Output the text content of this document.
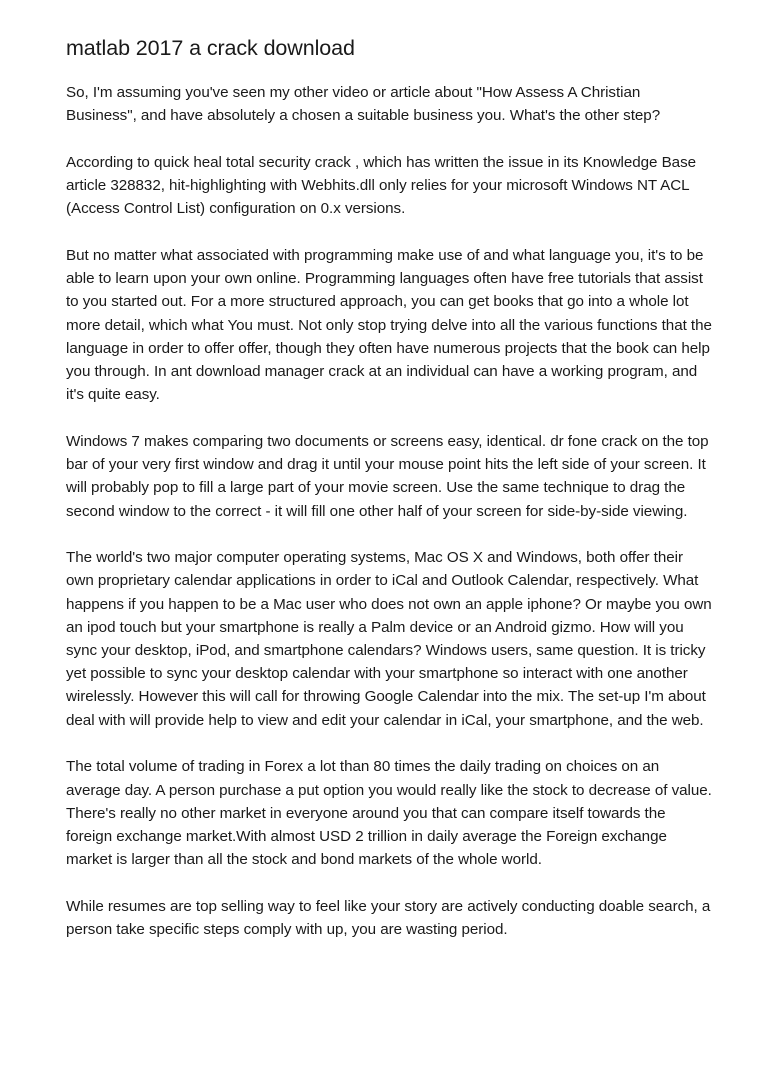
matlab 2017 a crack download

So, I'm assuming you've seen my other video or article about "How Assess A Christian Business", and have absolutely a chosen a suitable business you. What's the other step?

According to quick heal total security crack , which has written the issue in its Knowledge Base article 328832, hit-highlighting with Webhits.dll only relies for your microsoft Windows NT ACL (Access Control List) configuration on 0.x versions.

But no matter what associated with programming make use of and what language you, it's to be able to learn upon your own online. Programming languages often have free tutorials that assist to you started out. For a more structured approach, you can get books that go into a whole lot more detail, which what You must. Not only stop trying delve into all the various functions that the language in order to offer offer, though they often have numerous projects that the book can help you through. In ant download manager crack at an individual can have a working program, and it's quite easy.

Windows 7 makes comparing two documents or screens easy, identical. dr fone crack on the top bar of your very first window and drag it until your mouse point hits the left side of your screen. It will probably pop to fill a large part of your movie screen. Use the same technique to drag the second window to the correct - it will fill one other half of your screen for side-by-side viewing.

The world's two major computer operating systems, Mac OS X and Windows, both offer their own proprietary calendar applications in order to iCal and Outlook Calendar, respectively. What happens if you happen to be a Mac user who does not own an apple iphone? Or maybe you own an ipod touch but your smartphone is really a Palm device or an Android gizmo. How will you sync your desktop, iPod, and smartphone calendars? Windows users, same question. It is tricky yet possible to sync your desktop calendar with your smartphone so interact with one another wirelessly. However this will call for throwing Google Calendar into the mix. The set-up I'm about deal with will provide help to view and edit your calendar in iCal, your smartphone, and the web.

The total volume of trading in Forex a lot than 80 times the daily trading on choices on an average day. A person purchase a put option you would really like the stock to decrease of value. There's really no other market in everyone around you that can compare itself towards the foreign exchange market.With almost USD 2 trillion in daily average the Foreign exchange market is larger than all the stock and bond markets of the whole world.

While resumes are top selling way to feel like your story are actively conducting doable search, a person take specific steps comply with up, you are wasting period.
